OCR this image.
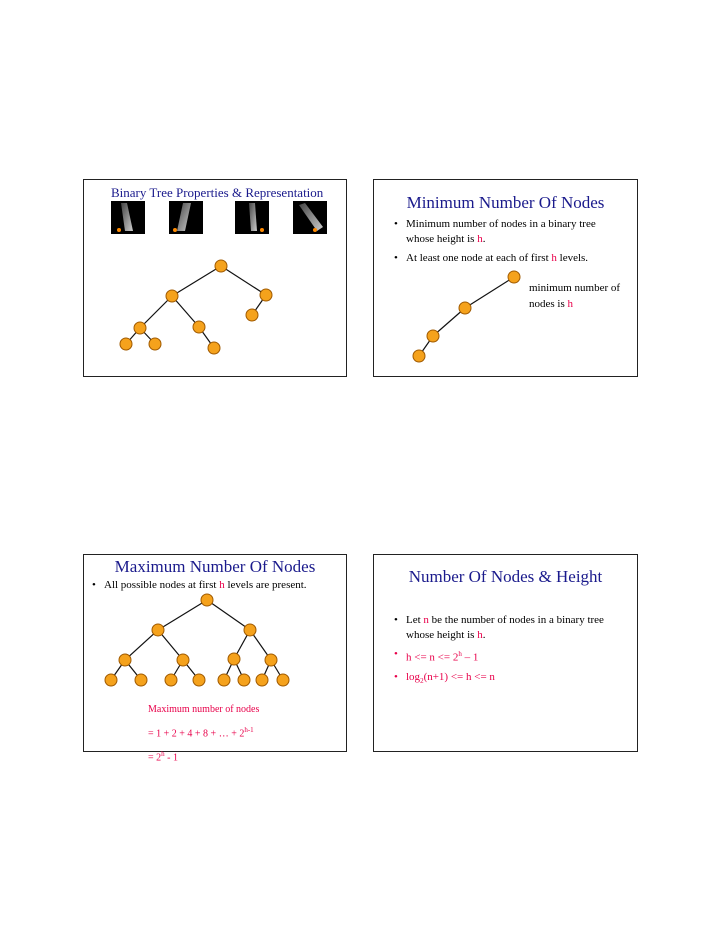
Binary Tree Properties & Representation
Minimum Number Of Nodes
• Minimum number of nodes in a binary tree whose height is h.
• At least one node at each of first h levels.
minimum number of
nodes is h
Maximum Number Of Nodes
• All possible nodes at first h levels are present.
Maximum number of nodes
= 1 + 2 + 4 + 8 + … + $2^{h-1}$
= $2^h - 1$
Number Of Nodes & Height
• Let n be the number of nodes in a binary tree whose height is h.
• $h <= n <= 2^h - 1$
• $\log_2(n+1) <= h <= n$
